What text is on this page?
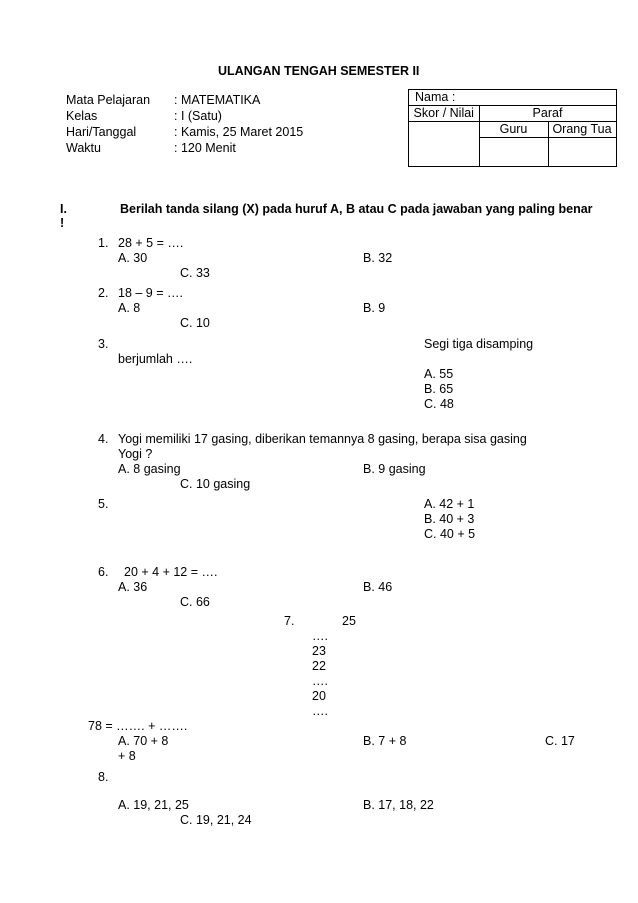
ULANGAN TENGAH SEMESTER II
Mata Pelajaran : MATEMATIKA
Kelas	: I (Satu)
Hari/Tanggal	: Kamis, 25 Maret 2015
Waktu	: 120 Menit
Nama :		
Skor / Nilai	Paraf	
	Guru	Orang Tua

I.
!
Berilah tanda silang (X) pada huruf A, B atau C pada jawaban yang paling benar
1. 28 + 5 = ….
A. 30	B. 32
C. 33
2. 18 – 9 = ….
A. 8	B. 9
C. 10
3.	Segi tiga disamping
berjumlah ….
A. 55
B. 65
C. 48
4. Yogi memiliki 17 gasing, diberikan temannya 8 gasing, berapa sisa gasing
Yogi ?
A. 8 gasing	B. 9 gasing
C. 10 gasing
5.	A. 42 + 1
B. 40 + 3
C. 40 + 5
6. 20 + 4 + 12 = ….
A. 36	B. 46
C. 66
7.	25
….
23
22
….
20
….
78 = ……. + …….
A. 70 + 8	B. 7 + 8	C. 17
+ 8
8.
A. 19, 21, 25	B. 17, 18, 22
C. 19, 21, 24
